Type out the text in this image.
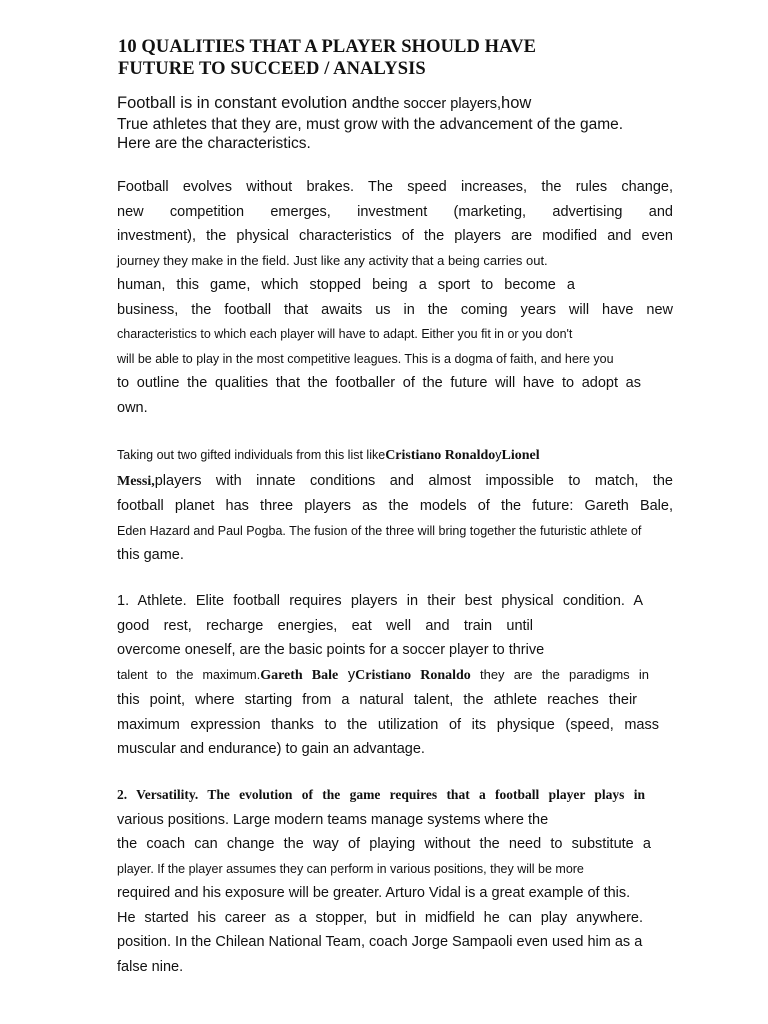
10 QUALITIES THAT A PLAYER SHOULD HAVE
FUTURE TO SUCCEED / ANALYSIS
Football is in constant evolution andthe soccer players,how
True athletes that they are, must grow with the advancement of the game.
Here are the characteristics.
Football evolves without brakes. The speed increases, the rules change,
new competition emerges, investment (marketing, advertising and
investment), the physical characteristics of the players are modified and even
journey they make in the field. Just like any activity that a being carries out.
human, this game, which stopped being a sport to become a
business, the football that awaits us in the coming years will have new
characteristics to which each player will have to adapt. Either you fit in or you don't
will be able to play in the most competitive leagues. This is a dogma of faith, and here you
to outline the qualities that the footballer of the future will have to adopt as
own.
Taking out two gifted individuals from this list likeCristiano RonaldoyLionel
Messi,players with innate conditions and almost impossible to match, the
football planet has three players as the models of the future: Gareth Bale,
Eden Hazard and Paul Pogba. The fusion of the three will bring together the futuristic athlete of
this game.
1. Athlete. Elite football requires players in their best physical condition. A
good rest, recharge energies, eat well and train until
overcome oneself, are the basic points for a soccer player to thrive
talent to the maximum.Gareth Bale yCristiano Ronaldo they are the paradigms in
this point, where starting from a natural talent, the athlete reaches their
maximum expression thanks to the utilization of its physique (speed, mass
muscular and endurance) to gain an advantage.
2. Versatility. The evolution of the game requires that a football player plays in
various positions. Large modern teams manage systems where the
the coach can change the way of playing without the need to substitute a
player. If the player assumes they can perform in various positions, they will be more
required and his exposure will be greater. Arturo Vidal is a great example of this.
He started his career as a stopper, but in midfield he can play anywhere.
position. In the Chilean National Team, coach Jorge Sampaoli even used him as a
false nine.
